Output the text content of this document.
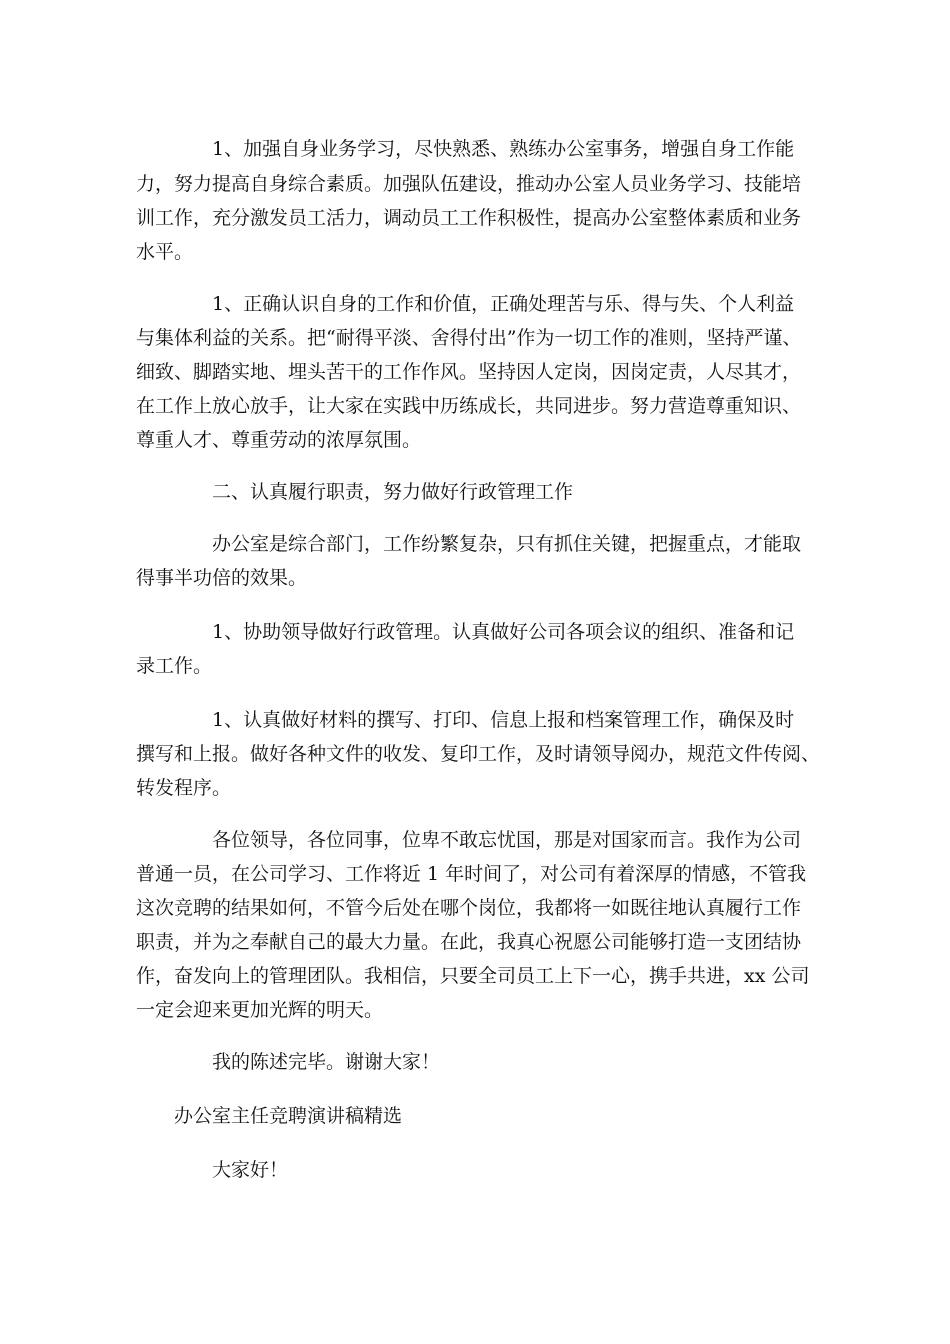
1、加强自身业务学习，尽快熟悉、熟练办公室事务，增强自身工作能

力，努力提高自身综合素质。加强队伍建设，推动办公室人员业务学习、技能培

训工作，充分激发员工活力，调动员工工作积极性，提高办公室整体素质和业务

水平。

1、正确认识自身的工作和价值，正确处理苦与乐、得与失、个人利益

与集体利益的关系。把“耐得平淡、舍得付出”作为一切工作的准则，坚持严谨、

细致、脚踏实地、埋头苦干的工作作风。坚持因人定岗，因岗定责，人尽其才，

在工作上放心放手，让大家在实践中历练成长，共同进步。努力营造尊重知识、

尊重人才、尊重劳动的浓厚氛围。

二、认真履行职责，努力做好行政管理工作

办公室是综合部门，工作纷繁复杂，只有抓住关键，把握重点，才能取

得事半功倍的效果。

1、协助领导做好行政管理。认真做好公司各项会议的组织、准备和记

录工作。

1、认真做好材料的撰写、打印、信息上报和档案管理工作，确保及时

撰写和上报。做好各种文件的收发、复印工作，及时请领导阅办，规范文件传阅、

转发程序。

各位领导，各位同事，位卑不敢忘忧国，那是对国家而言。我作为公司

普通一员，在公司学习、工作将近 1 年时间了，对公司有着深厚的情感，不管我

这次竞聘的结果如何，不管今后处在哪个岗位，我都将一如既往地认真履行工作

职责，并为之奉献自己的最大力量。在此，我真心祝愿公司能够打造一支团结协

作，奋发向上的管理团队。我相信，只要全司员工上下一心，携手共进，xx 公司

一定会迎来更加光辉的明天。

我的陈述完毕。谢谢大家！

办公室主任竞聘演讲稿精选

大家好！
